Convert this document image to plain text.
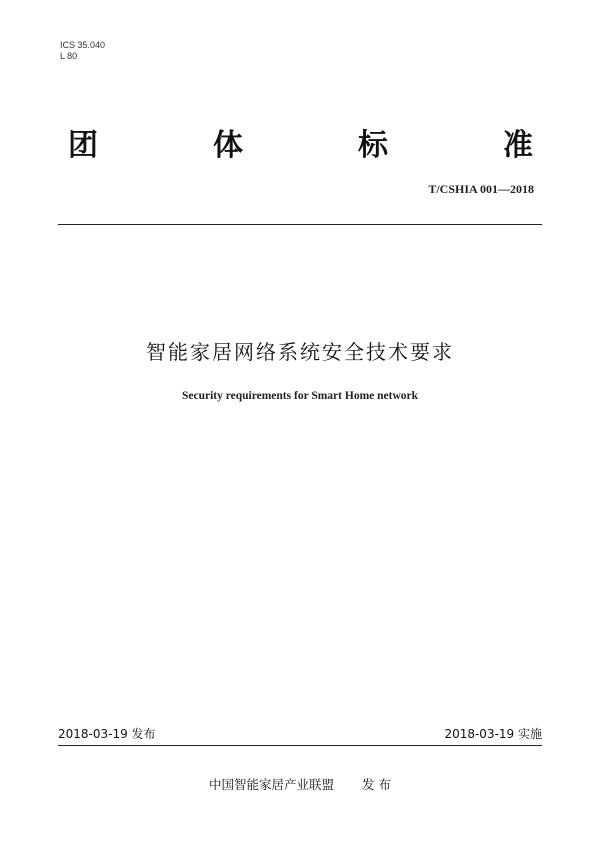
ICS 35.040
L 80
团	体	标	准
T/CSHIA 001—2018
智能家居网络系统安全技术要求
Security requirements for Smart Home network
2018-03-19 发布	2018-03-19 实施
中国智能家居产业联盟 发 布
